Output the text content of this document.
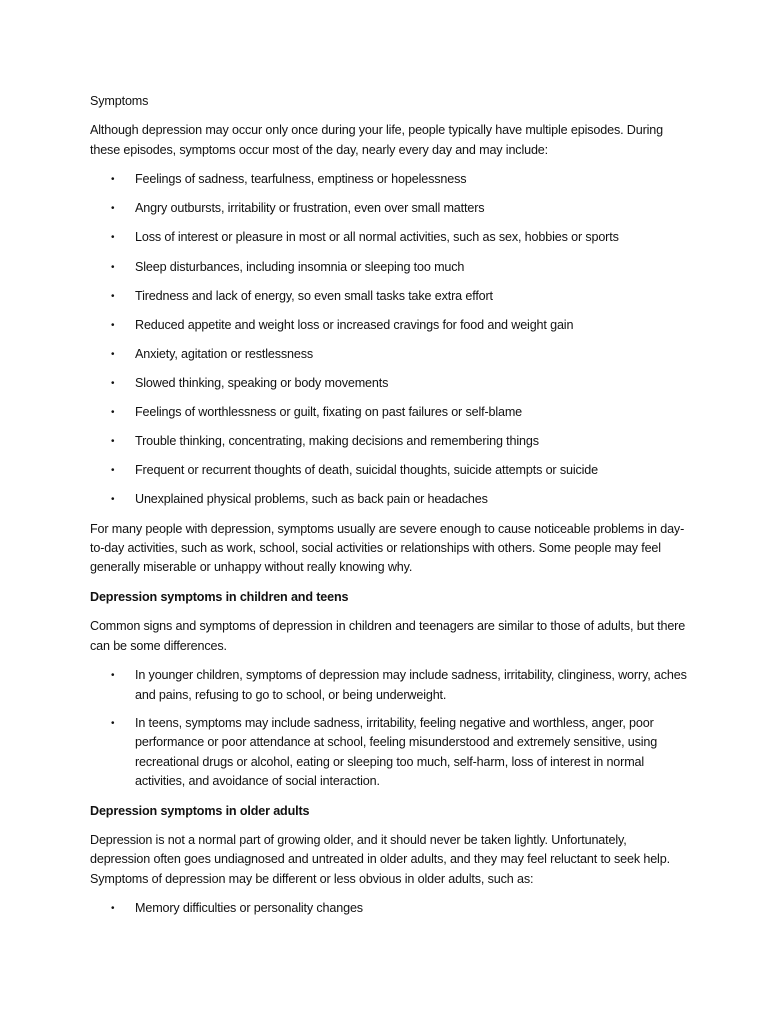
Symptoms

Although depression may occur only once during your life, people typically have multiple episodes. During these episodes, symptoms occur most of the day, nearly every day and may include:

• Feelings of sadness, tearfulness, emptiness or hopelessness
• Angry outbursts, irritability or frustration, even over small matters
• Loss of interest or pleasure in most or all normal activities, such as sex, hobbies or sports
• Sleep disturbances, including insomnia or sleeping too much
• Tiredness and lack of energy, so even small tasks take extra effort
• Reduced appetite and weight loss or increased cravings for food and weight gain
• Anxiety, agitation or restlessness
• Slowed thinking, speaking or body movements
• Feelings of worthlessness or guilt, fixating on past failures or self-blame
• Trouble thinking, concentrating, making decisions and remembering things
• Frequent or recurrent thoughts of death, suicidal thoughts, suicide attempts or suicide
• Unexplained physical problems, such as back pain or headaches

For many people with depression, symptoms usually are severe enough to cause noticeable problems in day-to-day activities, such as work, school, social activities or relationships with others. Some people may feel generally miserable or unhappy without really knowing why.

Depression symptoms in children and teens

Common signs and symptoms of depression in children and teenagers are similar to those of adults, but there can be some differences.

• In younger children, symptoms of depression may include sadness, irritability, clinginess, worry, aches and pains, refusing to go to school, or being underweight.
• In teens, symptoms may include sadness, irritability, feeling negative and worthless, anger, poor performance or poor attendance at school, feeling misunderstood and extremely sensitive, using recreational drugs or alcohol, eating or sleeping too much, self-harm, loss of interest in normal activities, and avoidance of social interaction.
Depression symptoms in older adults

Depression is not a normal part of growing older, and it should never be taken lightly. Unfortunately, depression often goes undiagnosed and untreated in older adults, and they may feel reluctant to seek help. Symptoms of depression may be different or less obvious in older adults, such as:

• Memory difficulties or personality changes
